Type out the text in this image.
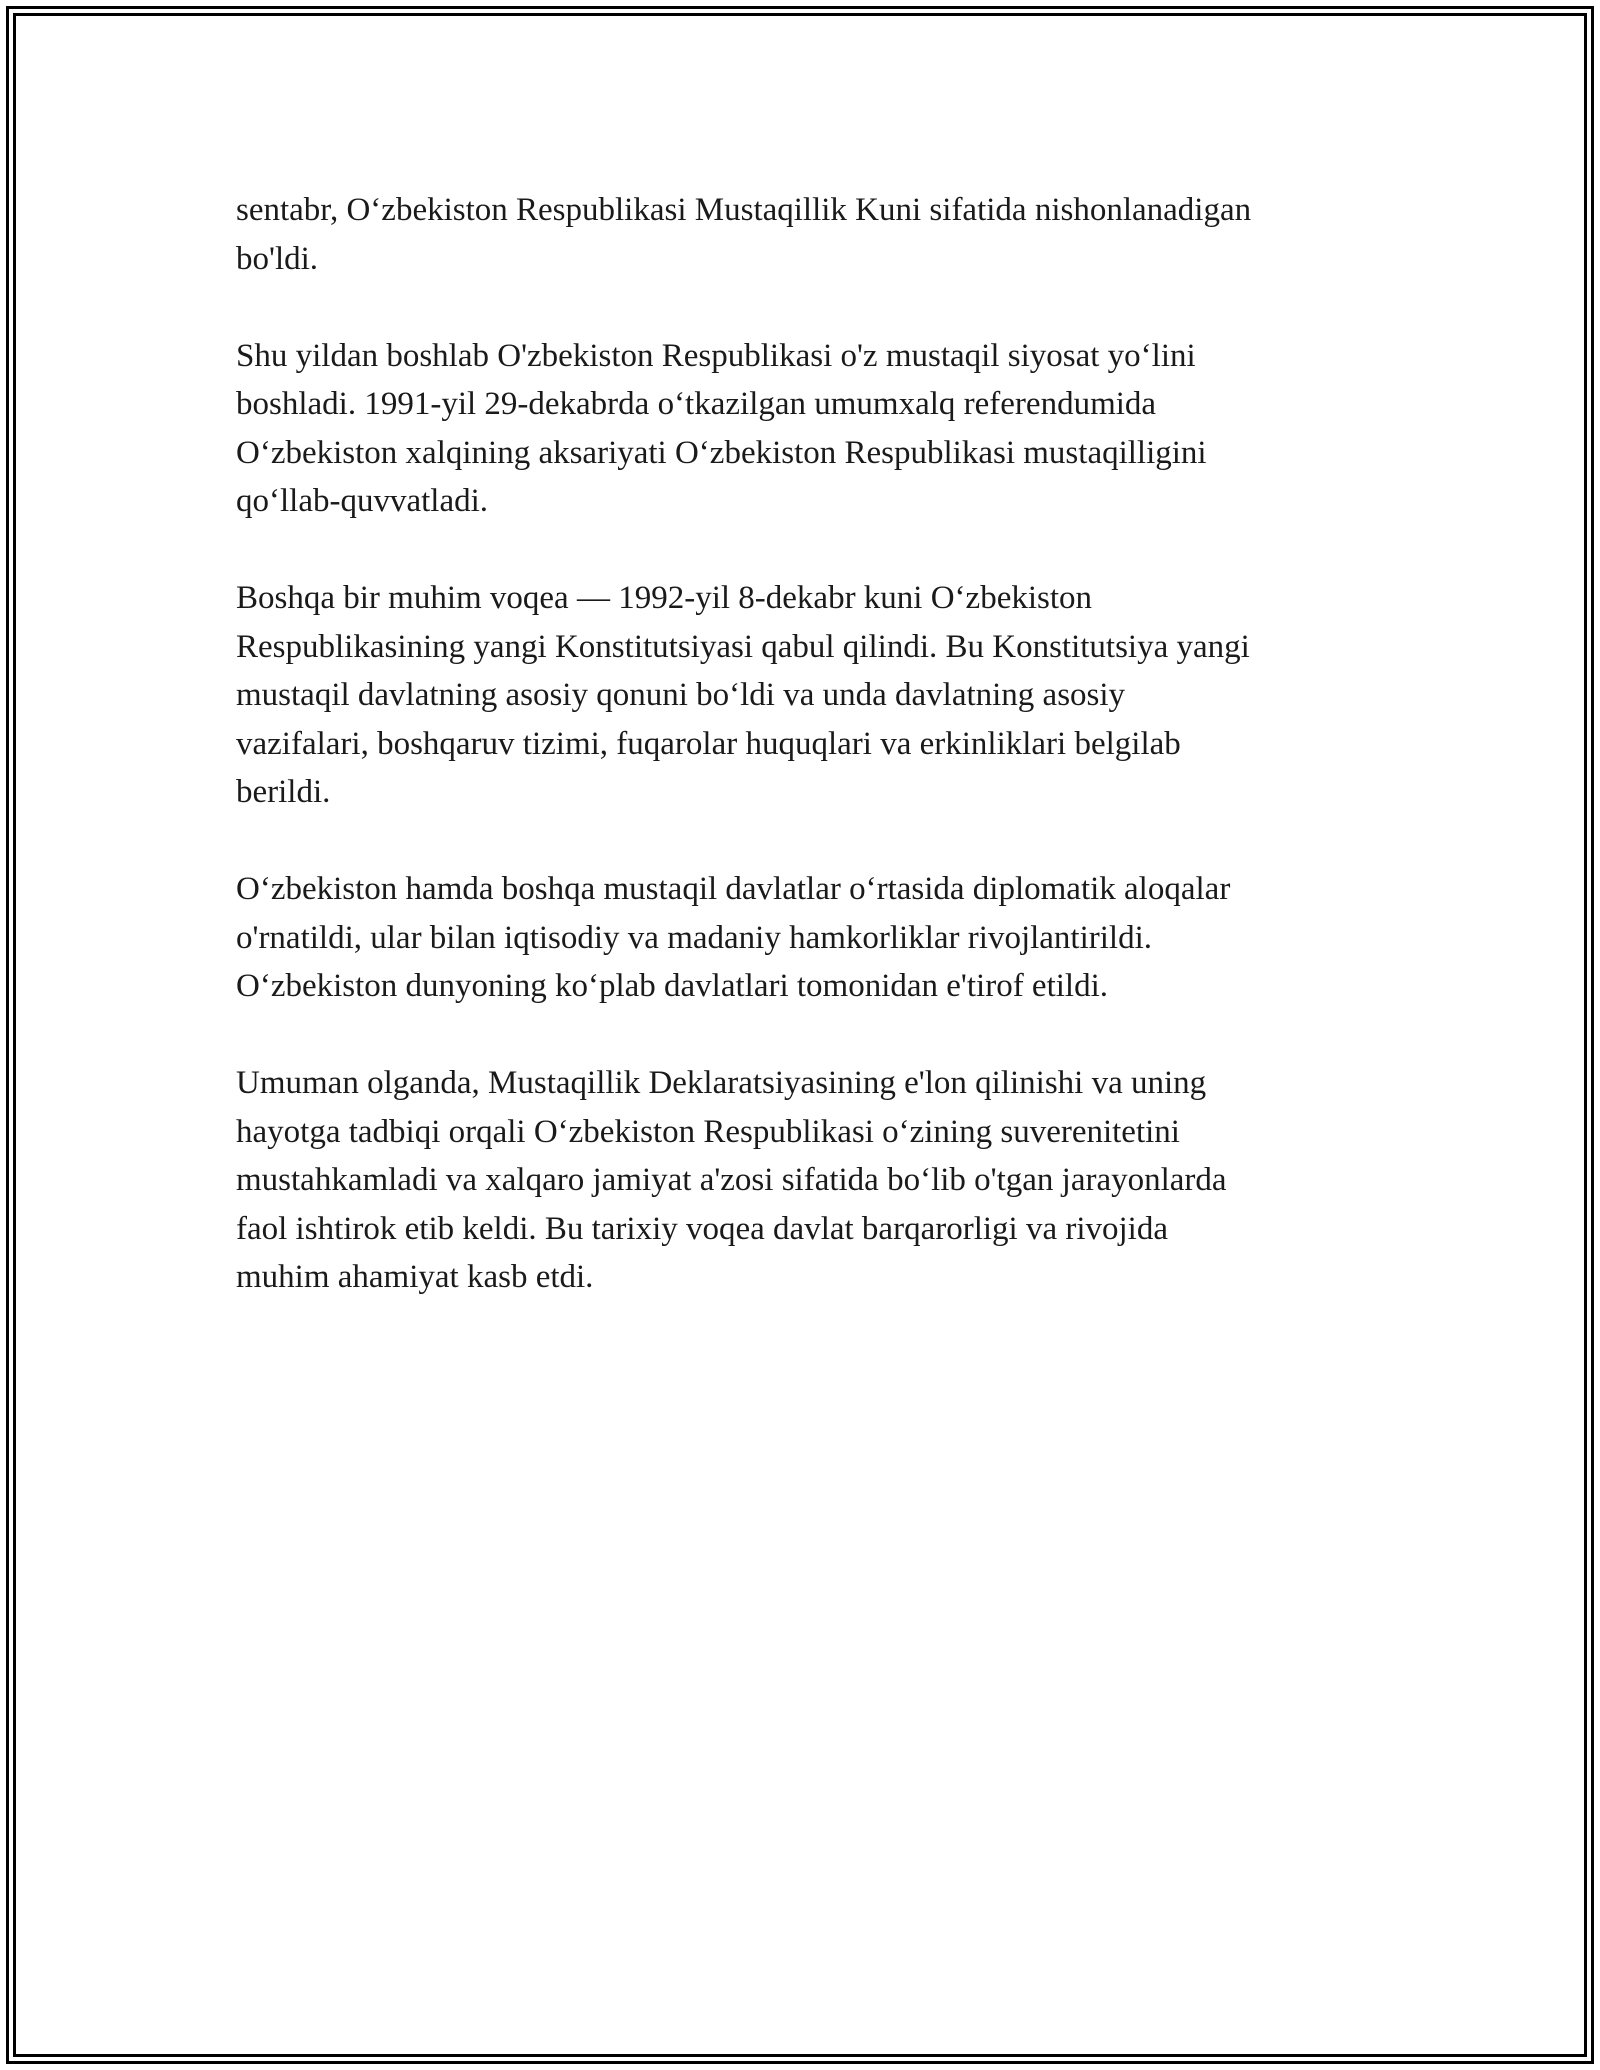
sentabr, O‘zbekiston Respublikasi Mustaqillik Kuni sifatida nishonlanadigan
bo'ldi.

Shu yildan boshlab O'zbekiston Respublikasi o'z mustaqil siyosat yo‘lini
boshladi. 1991-yil 29-dekabrda o‘tkazilgan umumxalq referendumida
O‘zbekiston xalqining aksariyati O‘zbekiston Respublikasi mustaqilligini
qo‘llab-quvvatladi.

Boshqa bir muhim voqea — 1992-yil 8-dekabr kuni O‘zbekiston
Respublikasining yangi Konstitutsiyasi qabul qilindi. Bu Konstitutsiya yangi
mustaqil davlatning asosiy qonuni bo‘ldi va unda davlatning asosiy
vazifalari, boshqaruv tizimi, fuqarolar huquqlari va erkinliklari belgilab
berildi.

O‘zbekiston hamda boshqa mustaqil davlatlar o‘rtasida diplomatik aloqalar
o'rnatildi, ular bilan iqtisodiy va madaniy hamkorliklar rivojlantirildi.
O‘zbekiston dunyoning ko‘plab davlatlari tomonidan e'tirof etildi.

Umuman olganda, Mustaqillik Deklaratsiyasining e'lon qilinishi va uning
hayotga tadbiqi orqali O‘zbekiston Respublikasi o‘zining suverenitetini
mustahkamladi va xalqaro jamiyat a'zosi sifatida bo‘lib o'tgan jarayonlarda
faol ishtirok etib keldi. Bu tarixiy voqea davlat barqarorligi va rivojida
muhim ahamiyat kasb etdi.
